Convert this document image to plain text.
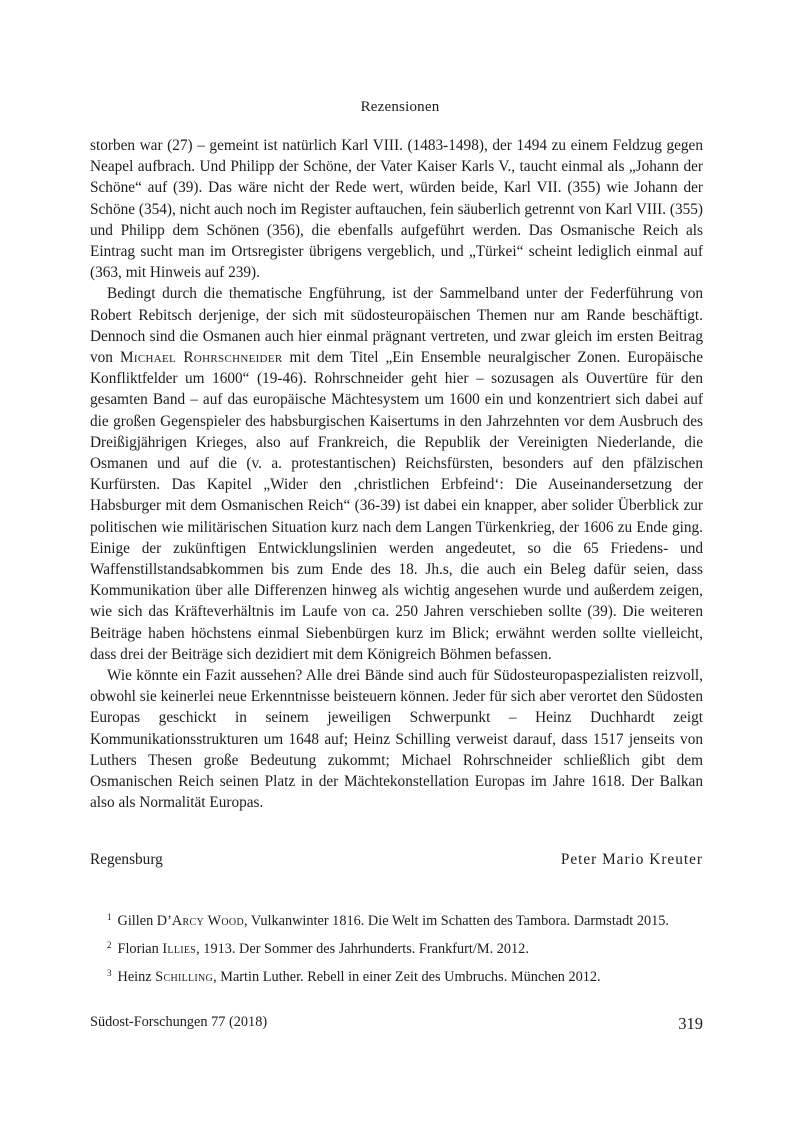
Rezensionen

storben war (27) – gemeint ist natürlich Karl VIII. (1483-1498), der 1494 zu einem Feldzug gegen Neapel aufbrach. Und Philipp der Schöne, der Vater Kaiser Karls V., taucht einmal als „Johann der Schöne“ auf (39). Das wäre nicht der Rede wert, würden beide, Karl VII. (355) wie Johann der Schöne (354), nicht auch noch im Register auftauchen, fein säuberlich getrennt von Karl VIII. (355) und Philipp dem Schönen (356), die ebenfalls aufgeführt werden. Das Osmanische Reich als Eintrag sucht man im Ortsregister übrigens vergeblich, und „Türkei“ scheint lediglich einmal auf (363, mit Hinweis auf 239).

Bedingt durch die thematische Engführung, ist der Sammelband unter der Federführung von Robert Rebitsch derjenige, der sich mit südosteuropäischen Themen nur am Rande beschäftigt. Dennoch sind die Osmanen auch hier einmal prägnant vertreten, und zwar gleich im ersten Beitrag von Michael Rohrschneider mit dem Titel „Ein Ensemble neuralgischer Zonen. Europäische Konfliktfelder um 1600“ (19-46). Rohrschneider geht hier – sozusagen als Ouvertüre für den gesamten Band – auf das europäische Mächtesystem um 1600 ein und konzentriert sich dabei auf die großen Gegenspieler des habsburgischen Kaisertums in den Jahrzehnten vor dem Ausbruch des Dreißigjährigen Krieges, also auf Frankreich, die Republik der Vereinigten Niederlande, die Osmanen und auf die (v. a. protestantischen) Reichsfürsten, besonders auf den pfälzischen Kurfürsten. Das Kapitel „Wider den ‚christlichen Erbfeind‘: Die Auseinandersetzung der Habsburger mit dem Osmanischen Reich“ (36-39) ist dabei ein knapper, aber solider Überblick zur politischen wie militärischen Situation kurz nach dem Langen Türkenkrieg, der 1606 zu Ende ging. Einige der zukünftigen Entwicklungslinien werden angedeutet, so die 65 Friedens- und Waffenstillstandsabkommen bis zum Ende des 18. Jh.s, die auch ein Beleg dafür seien, dass Kommunikation über alle Differenzen hinweg als wichtig angesehen wurde und außerdem zeigen, wie sich das Kräfteverhältnis im Laufe von ca. 250 Jahren verschieben sollte (39). Die weiteren Beiträge haben höchstens einmal Siebenbürgen kurz im Blick; erwähnt werden sollte vielleicht, dass drei der Beiträge sich dezidiert mit dem Königreich Böhmen befassen.

Wie könnte ein Fazit aussehen? Alle drei Bände sind auch für Südosteuropaspezialisten reizvoll, obwohl sie keinerlei neue Erkenntnisse beisteuern können. Jeder für sich aber verortet den Südosten Europas geschickt in seinem jeweiligen Schwerpunkt – Heinz Duchhardt zeigt Kommunikationsstrukturen um 1648 auf; Heinz Schilling verweist darauf, dass 1517 jenseits von Luthers Thesen große Bedeutung zukommt; Michael Rohrschneider schließlich gibt dem Osmanischen Reich seinen Platz in der Mächtekonstellation Europas im Jahre 1618. Der Balkan also als Normalität Europas.

Regensburg	Peter Mario Kreuter

$^1$ Gillen D’Arcy Wood, Vulkanwinter 1816. Die Welt im Schatten des Tambora. Darmstadt 2015.

$^2$ Florian Illies, 1913. Der Sommer des Jahrhunderts. Frankfurt/M. 2012.

$^3$ Heinz Schilling, Martin Luther. Rebell in einer Zeit des Umbruchs. München 2012.

Südost-Forschungen 77 (2018)	319
